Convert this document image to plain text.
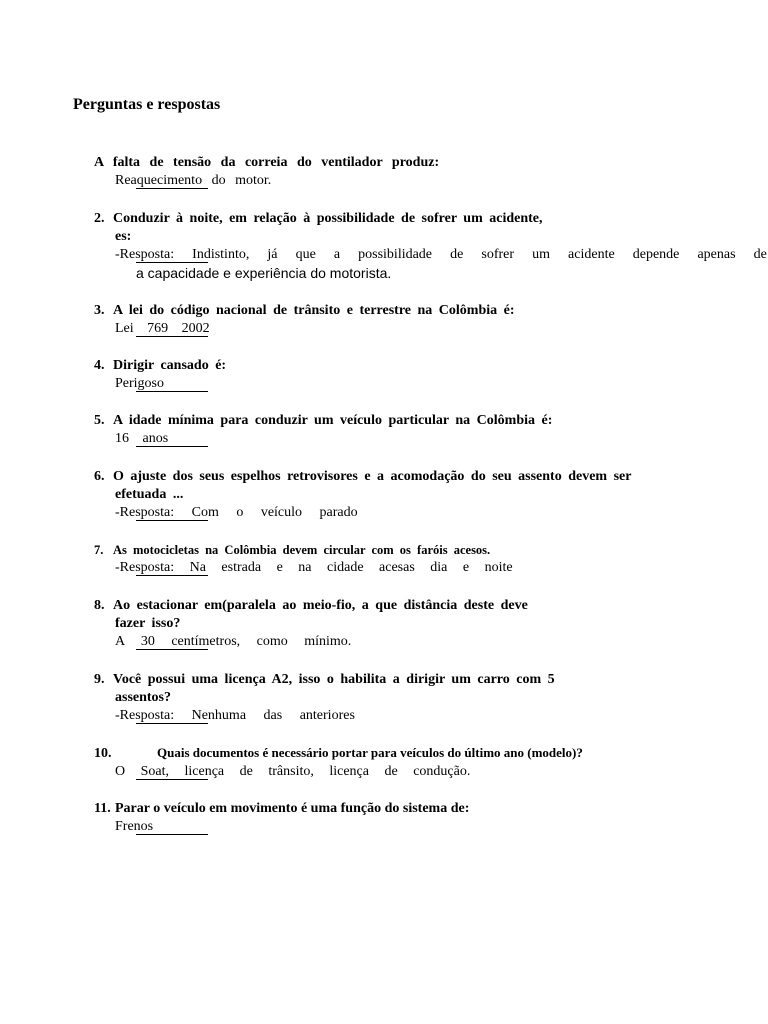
Perguntas e respostas
A falta de tensão da correia do ventilador produz:
Reaquecimento do motor.
2. Conduzir à noite, em relação à possibilidade de sofrer um acidente,
es:
-Resposta: Indistinto, já que a possibilidade de sofrer um acidente depende apenas de
a capacidade e experiência do motorista.
3. A lei do código nacional de trânsito e terrestre na Colômbia é:
Lei 769 2002
4. Dirigir cansado é:
Perigoso
5. A idade mínima para conduzir um veículo particular na Colômbia é:
16 anos
6. O ajuste dos seus espelhos retrovisores e a acomodação do seu assento devem ser
efetuada ...
-Resposta: Com o veículo parado
7. As motocicletas na Colômbia devem circular com os faróis acesos.
-Resposta: Na estrada e na cidade acesas dia e noite
8. Ao estacionar em(paralela ao meio-fio, a que distância deste deve
fazer isso?
A 30 centímetros, como mínimo.
9. Você possui uma licença A2, isso o habilita a dirigir um carro com 5
assentos?
-Resposta: Nenhuma das anteriores
10.	Quais documentos é necessário portar para veículos do último ano (modelo)?
O Soat, licença de trânsito, licença de condução.
11. Parar o veículo em movimento é uma função do sistema de:
Frenos
